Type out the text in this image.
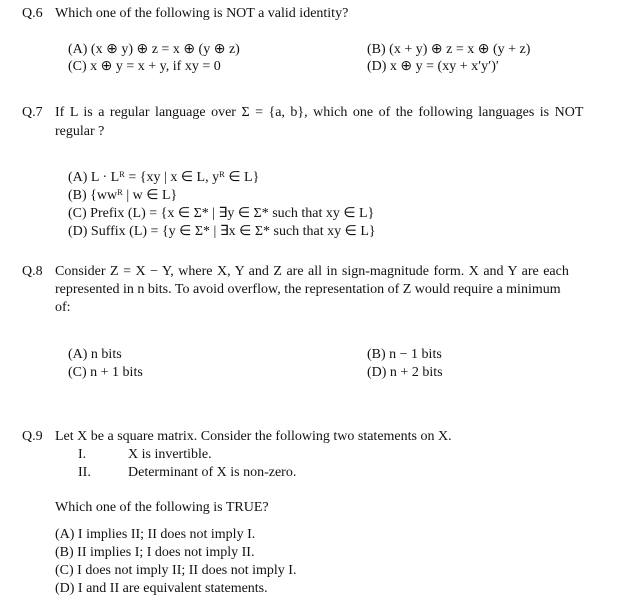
Q.6 Which one of the following is NOT a valid identity?
(A) (x ⊕ y) ⊕ z = x ⊕ (y ⊕ z)	(B) (x + y) ⊕ z = x ⊕ (y + z)
(C) x ⊕ y = x + y, if xy = 0	(D) x ⊕ y = (xy + x′y′)′
Q.7 If L is a regular language over Σ = {a, b}, which one of the following languages is NOT
regular ?
(A) L · Lᴿ = {xy | x ∈ L, yᴿ ∈ L}
(B) {wwᴿ | w ∈ L}
(C) Prefix (L) = {x ∈ Σ* | ∃y ∈ Σ* such that xy ∈ L}
(D) Suffix (L) = {y ∈ Σ* | ∃x ∈ Σ* such that xy ∈ L}
Q.8 Consider Z = X − Y, where X, Y and Z are all in sign-magnitude form. X and Y are each
represented in n bits. To avoid overflow, the representation of Z would require a minimum
of:
(A) n bits	(B) n − 1 bits
(C) n + 1 bits	(D) n + 2 bits
Q.9 Let X be a square matrix. Consider the following two statements on X.
I.	X is invertible.
II.	Determinant of X is non-zero.
Which one of the following is TRUE?
(A) I implies II; II does not imply I.
(B) II implies I; I does not imply II.
(C) I does not imply II; II does not imply I.
(D) I and II are equivalent statements.
